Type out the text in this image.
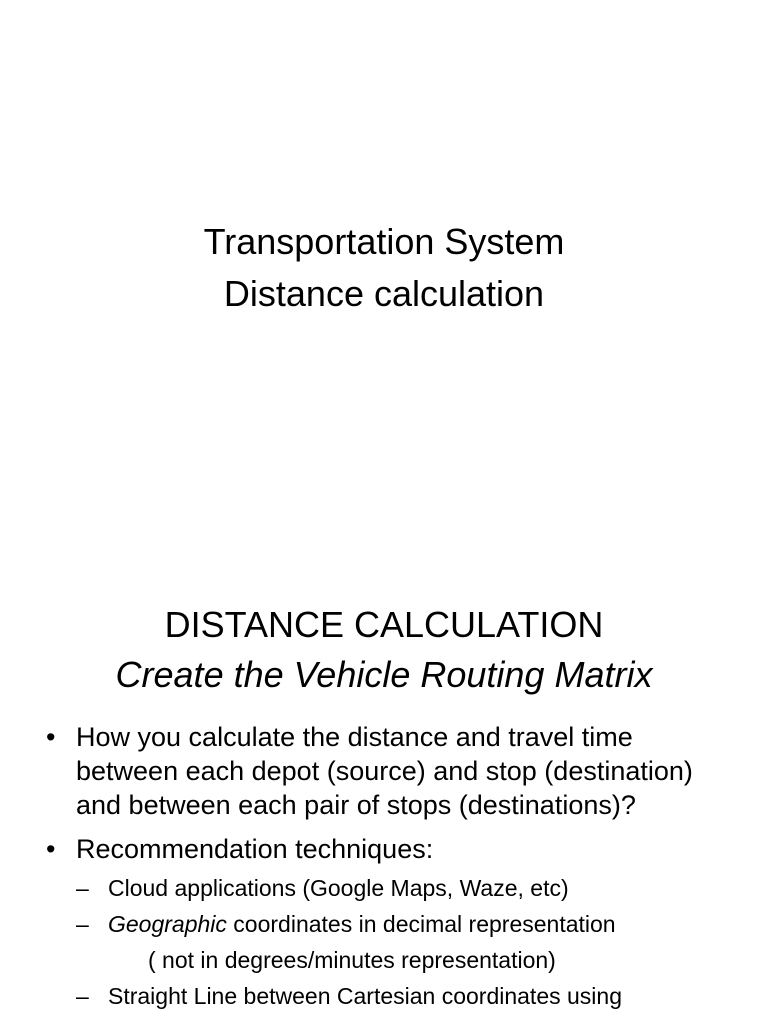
Transportation System
Distance calculation
DISTANCE CALCULATION
Create the Vehicle Routing Matrix
• How you calculate the distance and travel time between each depot (source) and stop (destination) and between each pair of stops (destinations)?
• Recommendation techniques:
– Cloud applications (Google Maps, Waze, etc)
– Geographic coordinates in decimal representation
( not in degrees/minutes representation)
– Straight Line between Cartesian coordinates using
